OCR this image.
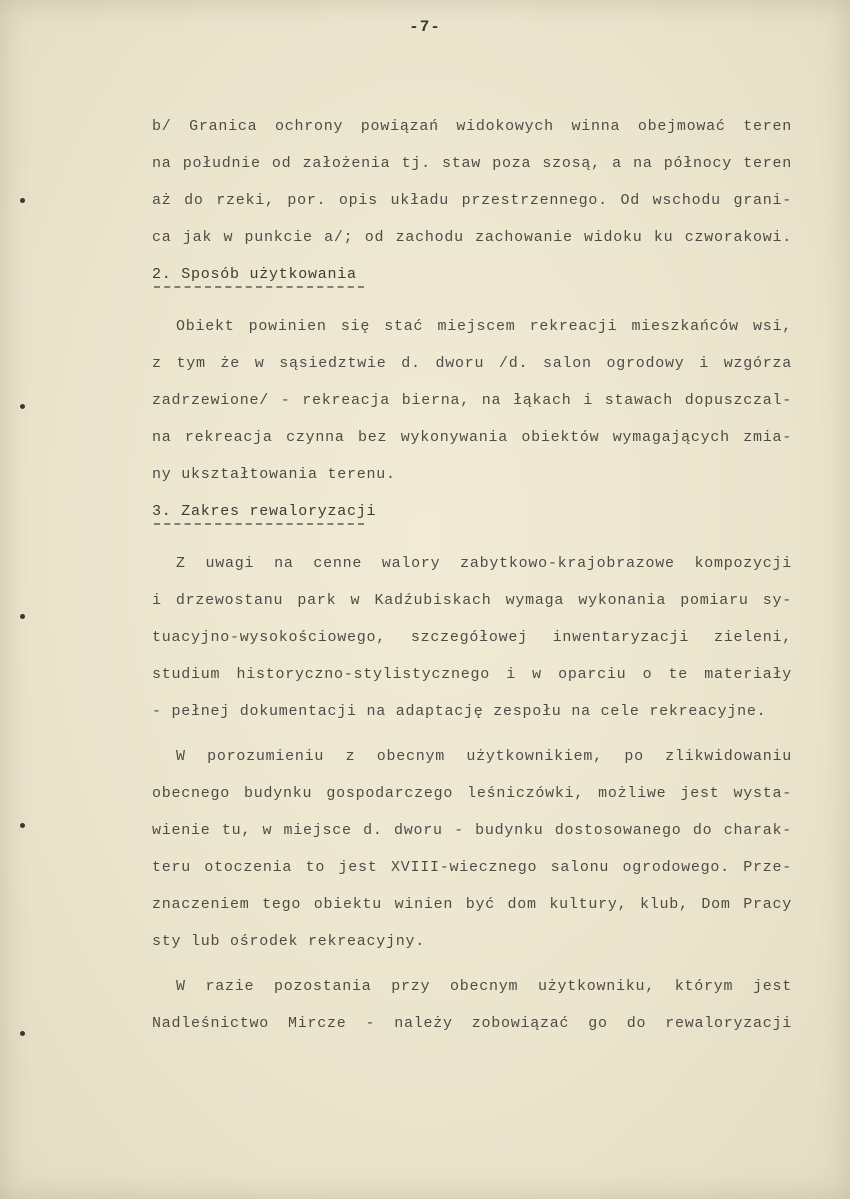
-7-
b/ Granica ochrony powiązań widokowych winna obejmować teren
na południe od założenia tj. staw poza szosą, a na północy teren
aż do rzeki, por. opis układu przestrzennego. Od wschodu grani-
ca jak w punkcie a/; od zachodu zachowanie widoku ku czworakowi.
2. Sposób użytkowania
Obiekt powinien się stać miejscem rekreacji mieszkańców wsi,
z tym że w sąsiedztwie d. dworu /d. salon ogrodowy i wzgórza
zadrzewione/ - rekreacja bierna, na łąkach i stawach dopuszczal-
na rekreacja czynna bez wykonywania obiektów wymagających zmia-
ny ukształtowania terenu.
3. Zakres rewaloryzacji
Z uwagi na cenne walory zabytkowo-krajobrazowe kompozycji
i drzewostanu park w Kadźubiskach wymaga wykonania pomiaru sy-
tuacyjno-wysokościowego, szczegółowej inwentaryzacji zieleni,
studium historyczno-stylistycznego i w oparciu o te materiały
- pełnej dokumentacji na adaptację zespołu na cele rekreacyjne.
W porozumieniu z obecnym użytkownikiem, po zlikwidowaniu
obecnego budynku gospodarczego leśniczówki, możliwe jest wysta-
wienie tu, w miejsce d. dworu - budynku dostosowanego do charak-
teru otoczenia to jest XVIII-wiecznego salonu ogrodowego. Prze-
znaczeniem tego obiektu winien być dom kultury, klub, Dom Pracy
sty lub ośrodek rekreacyjny.
W razie pozostania przy obecnym użytkowniku, którym jest
Nadleśnictwo Mircze - należy zobowiązać go do rewaloryzacji
